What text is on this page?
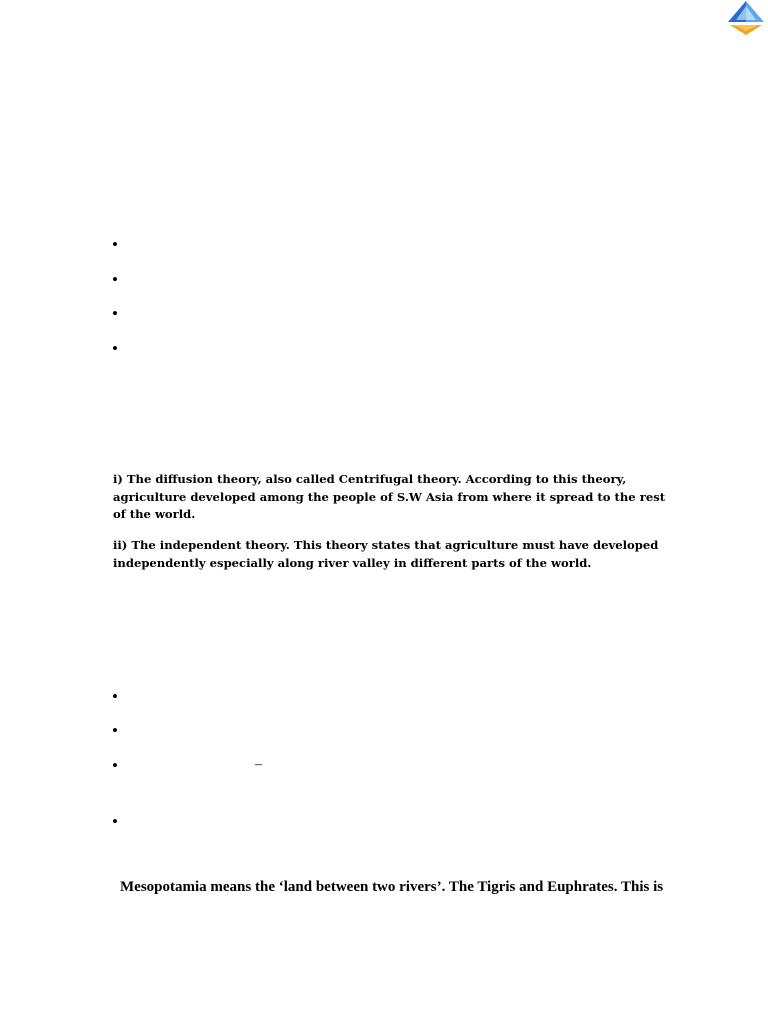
•
•
•
•

i) The diffusion theory, also called Centrifugal theory. According to this theory, agriculture developed among the people of S.W Asia from where it spread to the rest of the world.

ii) The independent theory. This theory states that agriculture must have developed independently especially along river valley in different parts of the world.

•
•
•	–
•

Mesopotamia means the ‘land between two rivers’. The Tigris and Euphrates. This is
